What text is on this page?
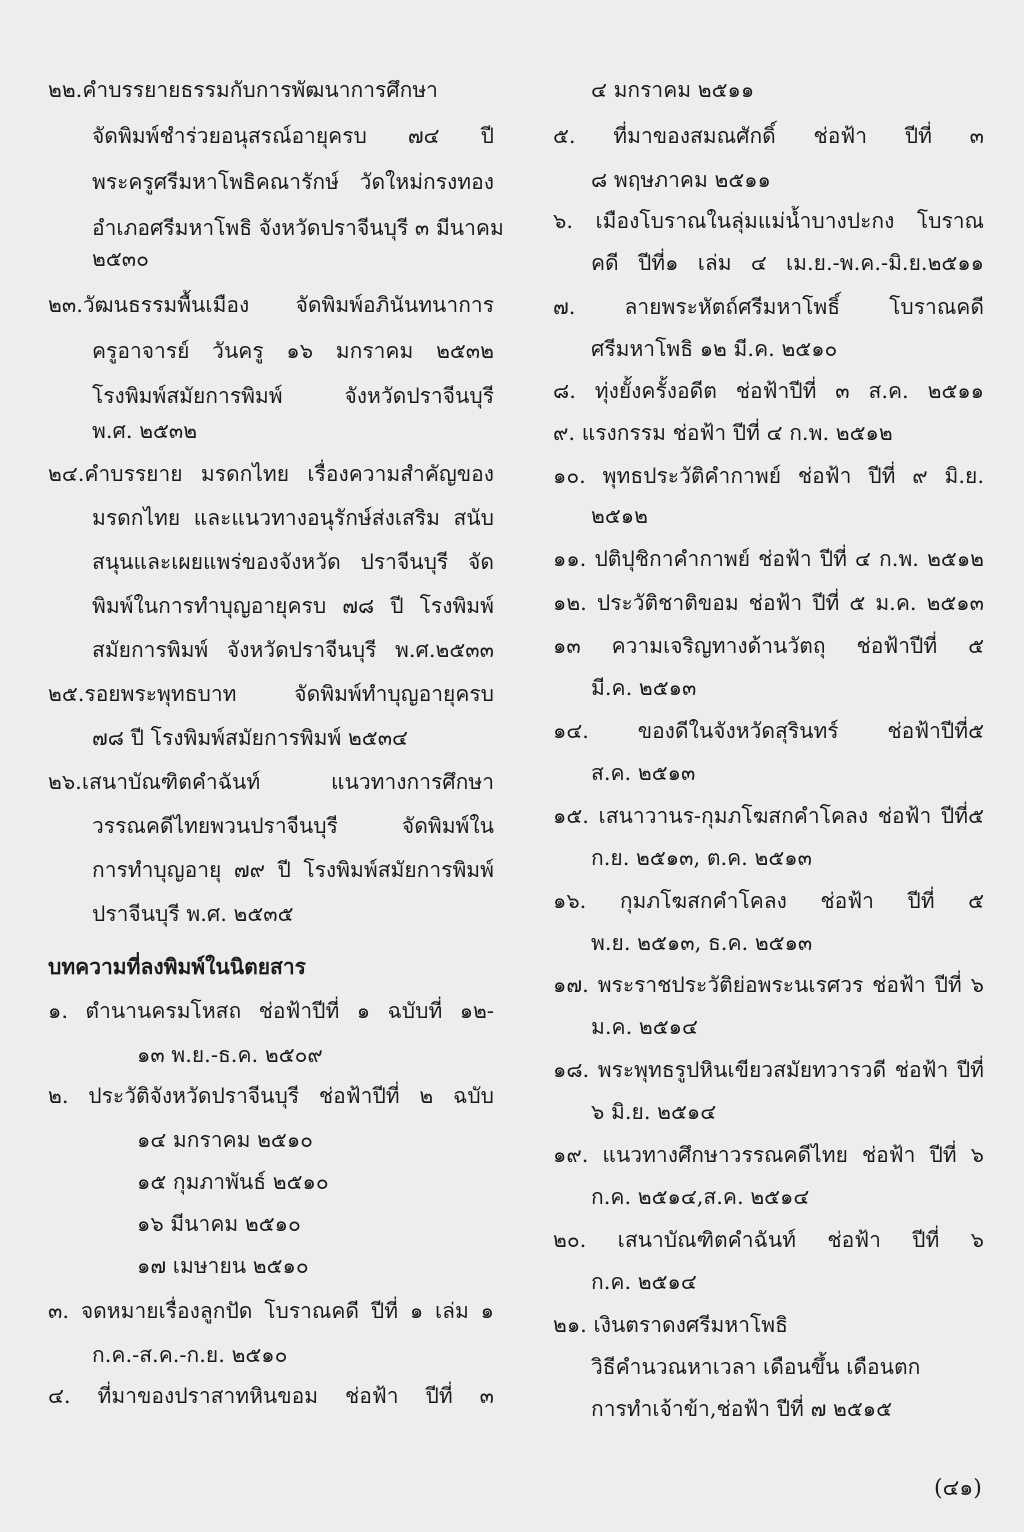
๒๒.คำบรรยายธรรมกับการพัฒนาการศึกษา
จัดพิมพ์ชำร่วยอนุสรณ์อายุครบ ๗๔ ปี
พระครูศรีมหาโพธิคณารักษ์ วัดใหม่กรงทอง
อำเภอศรีมหาโพธิ จังหวัดปราจีนบุรี ๓ มีนาคม
๒๕๓๐
๒๓.วัฒนธรรมพื้นเมือง จัดพิมพ์อภินันทนาการ
ครูอาจารย์ วันครู ๑๖ มกราคม ๒๕๓๒
โรงพิมพ์สมัยการพิมพ์ จังหวัดปราจีนบุรี
พ.ศ. ๒๕๓๒
๒๔.คำบรรยาย มรดกไทย เรื่องความสำคัญของ
มรดกไทย และแนวทางอนุรักษ์ส่งเสริม สนับ
สนุนและเผยแพร่ของจังหวัด ปราจีนบุรี จัด
พิมพ์ในการทำบุญอายุครบ ๗๘ ปี โรงพิมพ์
สมัยการพิมพ์ จังหวัดปราจีนบุรี พ.ศ.๒๕๓๓
๒๕.รอยพระพุทธบาท จัดพิมพ์ทำบุญอายุครบ
๗๘ ปี โรงพิมพ์สมัยการพิมพ์ ๒๕๓๔
๒๖.เสนาบัณฑิตคำฉันท์ แนวทางการศึกษา
วรรณคดีไทยพวนปราจีนบุรี จัดพิมพ์ใน
การทำบุญอายุ ๗๙ ปี โรงพิมพ์สมัยการพิมพ์
ปราจีนบุรี พ.ศ. ๒๕๓๕
บทความที่ลงพิมพ์ในนิตยสาร
๑. ตำนานครมโหสถ ช่อฟ้าปีที่ ๑ ฉบับที่ ๑๒-
๑๓ พ.ย.-ธ.ค. ๒๕๐๙
๒. ประวัติจังหวัดปราจีนบุรี ช่อฟ้าปีที่ ๒ ฉบับ
๑๔ มกราคม ๒๕๑๐
๑๕ กุมภาพันธ์ ๒๕๑๐
๑๖ มีนาคม ๒๕๑๐
๑๗ เมษายน ๒๕๑๐
๓. จดหมายเรื่องลูกปัด โบราณคดี ปีที่ ๑ เล่ม ๑
ก.ค.-ส.ค.-ก.ย. ๒๕๑๐
๔. ที่มาของปราสาทหินขอม ช่อฟ้า ปีที่ ๓
๔ มกราคม ๒๕๑๑
๕. ที่มาของสมณศักดิ์ ช่อฟ้า ปีที่ ๓
๘ พฤษภาคม ๒๕๑๑
๖. เมืองโบราณในลุ่มแม่น้ำบางปะกง โบราณ
คดี ปีที่๑ เล่ม ๔ เม.ย.-พ.ค.-มิ.ย.๒๕๑๑
๗. ลายพระหัตถ์ศรีมหาโพธิ์ โบราณคดี
ศรีมหาโพธิ ๑๒ มี.ค. ๒๕๑๐
๘. ทุ่งยั้งครั้งอดีต ช่อฟ้าปีที่ ๓ ส.ค. ๒๕๑๑
๙. แรงกรรม ช่อฟ้า ปีที่ ๔ ก.พ. ๒๕๑๒
๑๐. พุทธประวัติคำกาพย์ ช่อฟ้า ปีที่ ๙ มิ.ย.
๒๕๑๒
๑๑. ปติปุชิกาคำกาพย์ ช่อฟ้า ปีที่ ๔ ก.พ. ๒๕๑๒
๑๒. ประวัติชาติขอม ช่อฟ้า ปีที่ ๕ ม.ค. ๒๕๑๓
๑๓ ความเจริญทางด้านวัตถุ ช่อฟ้าปีที่ ๕
มี.ค. ๒๕๑๓
๑๔. ของดีในจังหวัดสุรินทร์ ช่อฟ้าปีที่๕
ส.ค. ๒๕๑๓
๑๕. เสนาวานร-กุมภโฆสกคำโคลง ช่อฟ้า ปีที่๕
ก.ย. ๒๕๑๓, ต.ค. ๒๕๑๓
๑๖. กุมภโฆสกคำโคลง ช่อฟ้า ปีที่ ๕
พ.ย. ๒๕๑๓, ธ.ค. ๒๕๑๓
๑๗. พระราชประวัติย่อพระนเรศวร ช่อฟ้า ปีที่ ๖
ม.ค. ๒๕๑๔
๑๘. พระพุทธรูปหินเขียวสมัยทวารวดี ช่อฟ้า ปีที่
๖ มิ.ย. ๒๕๑๔
๑๙. แนวทางศึกษาวรรณคดีไทย ช่อฟ้า ปีที่ ๖
ก.ค. ๒๕๑๔,ส.ค. ๒๕๑๔
๒๐. เสนาบัณฑิตคำฉันท์ ช่อฟ้า ปีที่ ๖
ก.ค. ๒๕๑๔
๒๑. เงินตราดงศรีมหาโพธิ
วิธีคำนวณหาเวลา เดือนขึ้น เดือนตก
การทำเจ้าข้า,ช่อฟ้า ปีที่ ๗ ๒๕๑๕
(๔๑)
